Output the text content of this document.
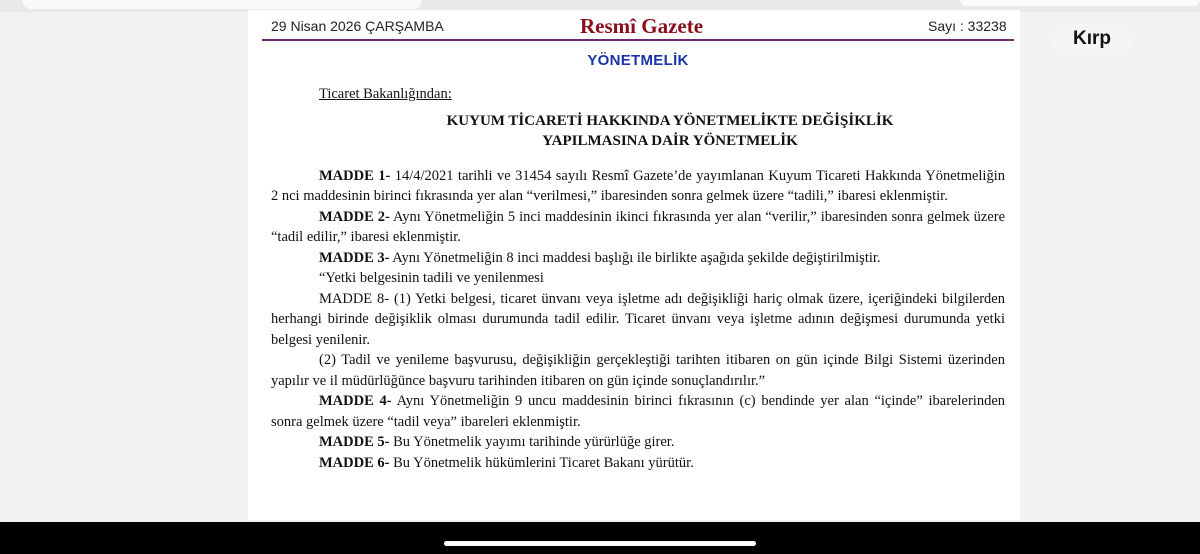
29 Nisan 2026 ÇARŞAMBA	Resmî Gazete	Sayı : 33238
YÖNETMELİK

Ticaret Bakanlığından:

KUYUM TİCARETİ HAKKINDA YÖNETMELİKTE DEĞİŞİKLİK
YAPILMASINA DAİR YÖNETMELİK

MADDE 1- 14/4/2021 tarihli ve 31454 sayılı Resmî Gazete’de yayımlanan Kuyum Ticareti Hakkında Yönetmeliğin 2 nci maddesinin birinci fıkrasında yer alan “verilmesi,” ibaresinden sonra gelmek üzere “tadili,” ibaresi eklenmiştir.

MADDE 2- Aynı Yönetmeliğin 5 inci maddesinin ikinci fıkrasında yer alan “verilir,” ibaresinden sonra gelmek üzere “tadil edilir,” ibaresi eklenmiştir.

MADDE 3- Aynı Yönetmeliğin 8 inci maddesi başlığı ile birlikte aşağıda şekilde değiştirilmiştir.

“Yetki belgesinin tadili ve yenilenmesi

MADDE 8- (1) Yetki belgesi, ticaret ünvanı veya işletme adı değişikliği hariç olmak üzere, içeriğindeki bilgilerden herhangi birinde değişiklik olması durumunda tadil edilir. Ticaret ünvanı veya işletme adının değişmesi durumunda yetki belgesi yenilenir.

(2) Tadil ve yenileme başvurusu, değişikliğin gerçekleştiği tarihten itibaren on gün içinde Bilgi Sistemi üzerinden yapılır ve il müdürlüğünce başvuru tarihinden itibaren on gün içinde sonuçlandırılır.”

MADDE 4- Aynı Yönetmeliğin 9 uncu maddesinin birinci fıkrasının (c) bendinde yer alan “içinde” ibarelerinden sonra gelmek üzere “tadil veya” ibareleri eklenmiştir.

MADDE 5- Bu Yönetmelik yayımı tarihinde yürürlüğe girer.

MADDE 6- Bu Yönetmelik hükümlerini Ticaret Bakanı yürütür.

Kırp
